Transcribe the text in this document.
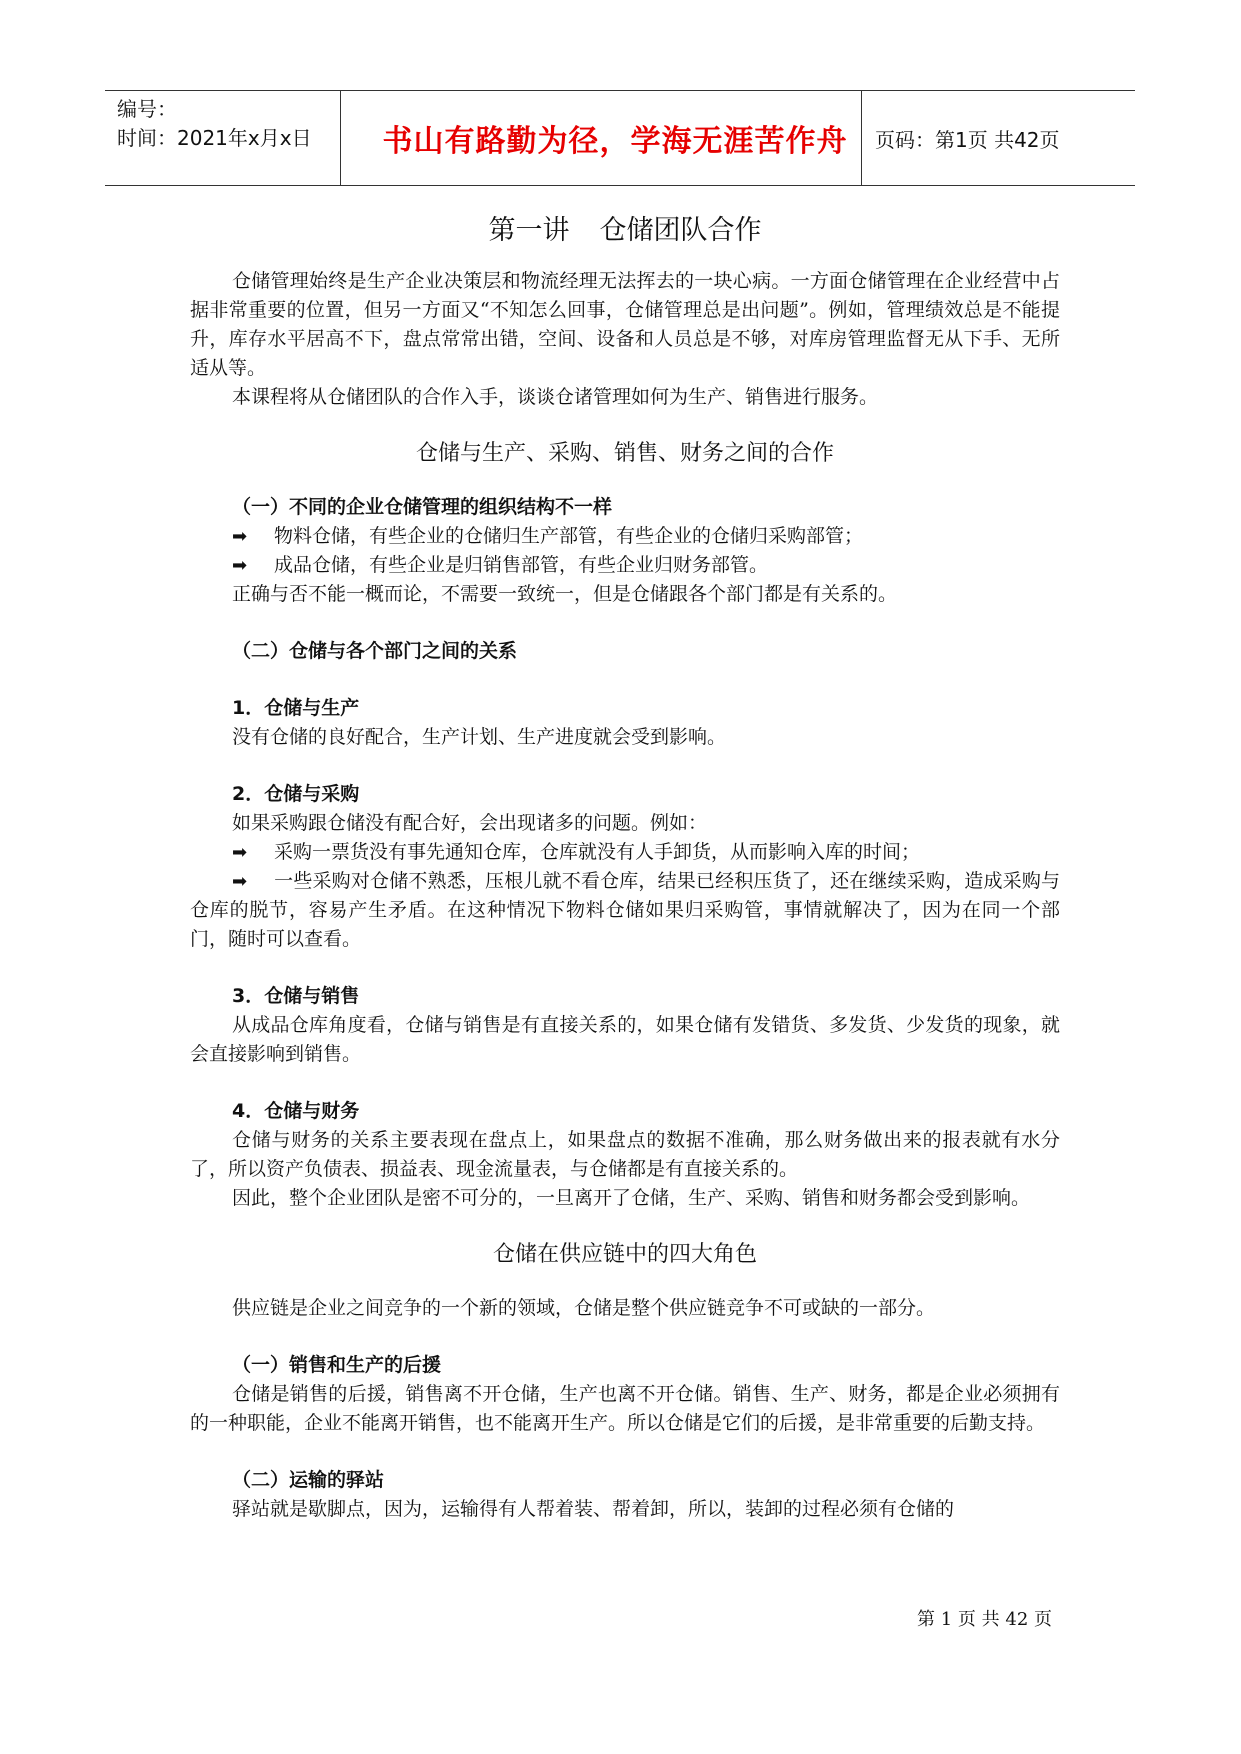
编号：
时间：2021年x月x日	书山有路勤为径，学海无涯苦作舟	页码：第1页 共42页
第一讲 仓储团队合作

仓储管理始终是生产企业决策层和物流经理无法挥去的一块心病。一方面仓储管理在企业经营中占据非常重要的位置，但另一方面又“不知怎么回事，仓储管理总是出问题”。例如，管理绩效总是不能提升，库存水平居高不下，盘点常常出错，空间、设备和人员总是不够，对库房管理监督无从下手、无所适从等。

本课程将从仓储团队的合作入手，谈谈仓诸管理如何为生产、销售进行服务。

仓储与生产、采购、销售、财务之间的合作
（一）不同的企业仓储管理的组织结构不一样
➡ 物料仓储，有些企业的仓储归生产部管，有些企业的仓储归采购部管；
➡ 成品仓储，有些企业是归销售部管，有些企业归财务部管。

正确与否不能一概而论，不需要一致统一，但是仓储跟各个部门都是有关系的。

（二）仓储与各个部门之间的关系
1．仓储与生产

没有仓储的良好配合，生产计划、生产进度就会受到影响。

2．仓储与采购

如果采购跟仓储没有配合好，会出现诸多的问题。例如：

➡ 采购一票货没有事先通知仓库，仓库就没有人手卸货，从而影响入库的时间；
➡ 一些采购对仓储不熟悉，压根儿就不看仓库，结果已经积压货了，还在继续采购，造成采购与仓库的脱节，容易产生矛盾。在这种情况下物料仓储如果归采购管，事情就解决了，因为在同一个部门，随时可以查看。
3．仓储与销售

从成品仓库角度看，仓储与销售是有直接关系的，如果仓储有发错货、多发货、少发货的现象，就会直接影响到销售。

4．仓储与财务

仓储与财务的关系主要表现在盘点上，如果盘点的数据不准确，那么财务做出来的报表就有水分了，所以资产负债表、损益表、现金流量表，与仓储都是有直接关系的。

因此，整个企业团队是密不可分的，一旦离开了仓储，生产、采购、销售和财务都会受到影响。

仓储在供应链中的四大角色

供应链是企业之间竞争的一个新的领域，仓储是整个供应链竞争不可或缺的一部分。

（一）销售和生产的后援

仓储是销售的后援，销售离不开仓储，生产也离不开仓储。销售、生产、财务，都是企业必须拥有的一种职能，企业不能离开销售，也不能离开生产。所以仓储是它们的后援，是非常重要的后勤支持。

（二）运输的驿站

驿站就是歇脚点，因为，运输得有人帮着装、帮着卸，所以，装卸的过程必须有仓储的

第 1 页 共 42 页
